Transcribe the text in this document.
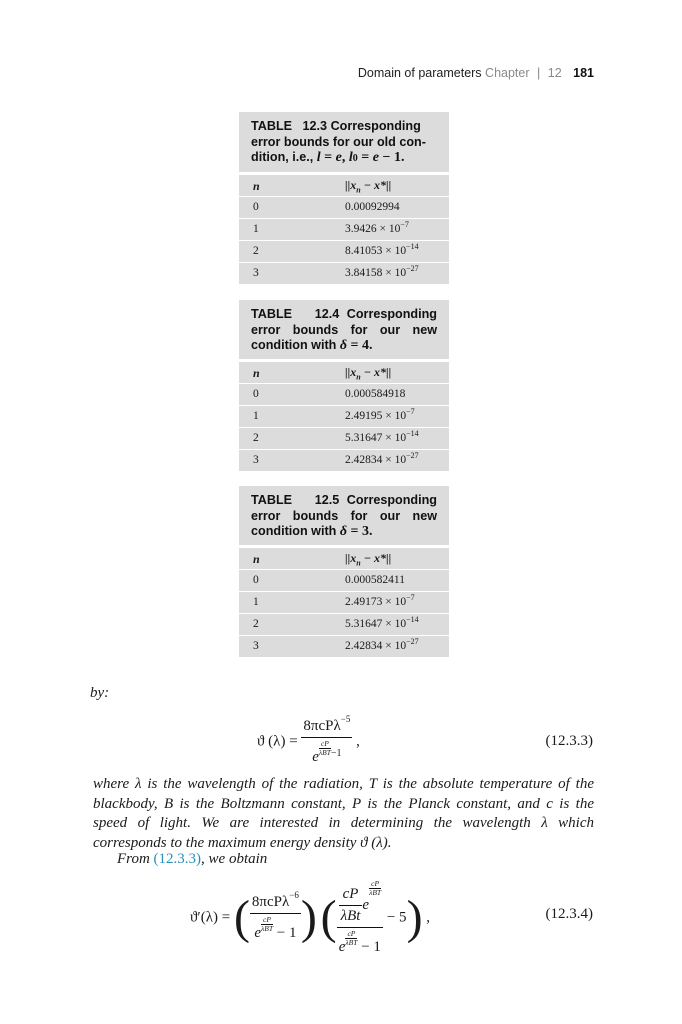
Domain of parameters Chapter | 12 181
TABLE 12.3 Corresponding error bounds for our old con- dition, i.e., l = e, l0 = e − 1.
n	$||x_n - x*||$
0	0.00092994
1	$3.9426 \times 10^{-7}$
2	$8.41053 \times 10^{-14}$
3	$3.84158 \times 10^{-27}$
TABLE 12.4 Corresponding error bounds for our new condition with δ = 4.
n	$||x_n - x*||$
0	0.000584918
1	$2.49195 \times 10^{-7}$
2	$5.31647 \times 10^{-14}$
3	$2.42834 \times 10^{-27}$
TABLE 12.5 Corresponding error bounds for our new condition with δ = 3.
n	$||x_n - x*||$
0	0.000582411
1	$2.49173 \times 10^{-7}$
2	$5.31647 \times 10^{-14}$
3	$2.42834 \times 10^{-27}$
by:
ϑ (λ) = 8πcPλ$^{-5}$
e
cP
λBT $^{-1}$ ,	(12.3.3)
where λ is the wavelength of the radiation, T is the absolute temperature of the blackbody, B is the Boltzmann constant, P is the Planck constant, and c is the speed of light. We are interested in determining the wavelength λ which corresponds to the maximum energy density ϑ (λ).
From (12.3.3), we obtain
ϑ′(λ) = ( 8πcPλ$^{-6}$
e
cP
λBT − 1 ) ( $\frac{cP}{\text{λBt}}$ e
cP
λBT
e
cP
λBT − 1 − 5) ,	(12.3.4)
